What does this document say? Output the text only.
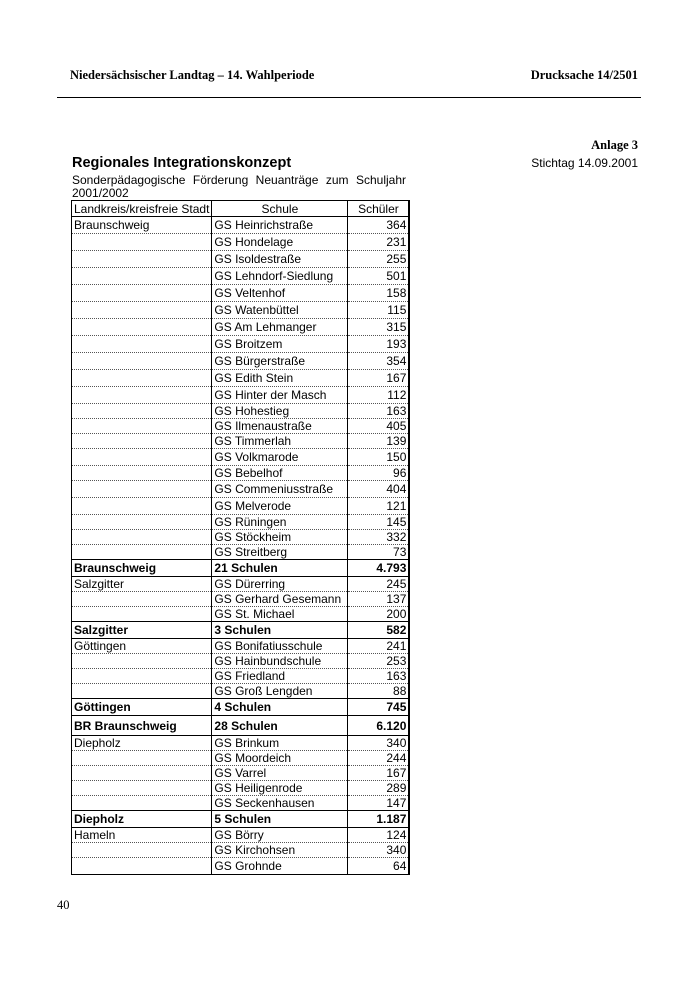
Niedersächsischer Landtag – 14. Wahlperiode	Drucksache 14/2501
Anlage 3
Stichtag 14.09.2001
Regionales Integrationskonzept
Sonderpädagogische Förderung Neuanträge zum Schuljahr 2001/2002
Landkreis/kreisfreie Stadt	Schule	Schüler
Braunschweig	GS Heinrichstraße	364
	GS Hondelage	231
	GS Isoldestraße	255
	GS Lehndorf-Siedlung	501
	GS Veltenhof	158
	GS Watenbüttel	115
	GS Am Lehmanger	315
	GS Broitzem	193
	GS Bürgerstraße	354
	GS Edith Stein	167
	GS Hinter der Masch	112
	GS Hohestieg	163
	GS Ilmenaustraße	405
	GS Timmerlah	139
	GS Volkmarode	150
	GS Bebelhof	96
	GS Commeniusstraße	404
	GS Melverode	121
	GS Rüningen	145
	GS Stöckheim	332
	GS Streitberg	73
Braunschweig	21 Schulen	4.793
Salzgitter	GS Dürerring	245
	GS Gerhard Gesemann	137
	GS St. Michael	200
Salzgitter	3 Schulen	582
Göttingen	GS Bonifatiusschule	241
	GS Hainbundschule	253
	GS Friedland	163
	GS Groß Lengden	88
Göttingen	4 Schulen	745
BR Braunschweig	28 Schulen	6.120
Diepholz	GS Brinkum	340
	GS Moordeich	244
	GS Varrel	167
	GS Heiligenrode	289
	GS Seckenhausen	147
Diepholz	5 Schulen	1.187
Hameln	GS Börry	124
	GS Kirchohsen	340
	GS Grohnde	64
40
